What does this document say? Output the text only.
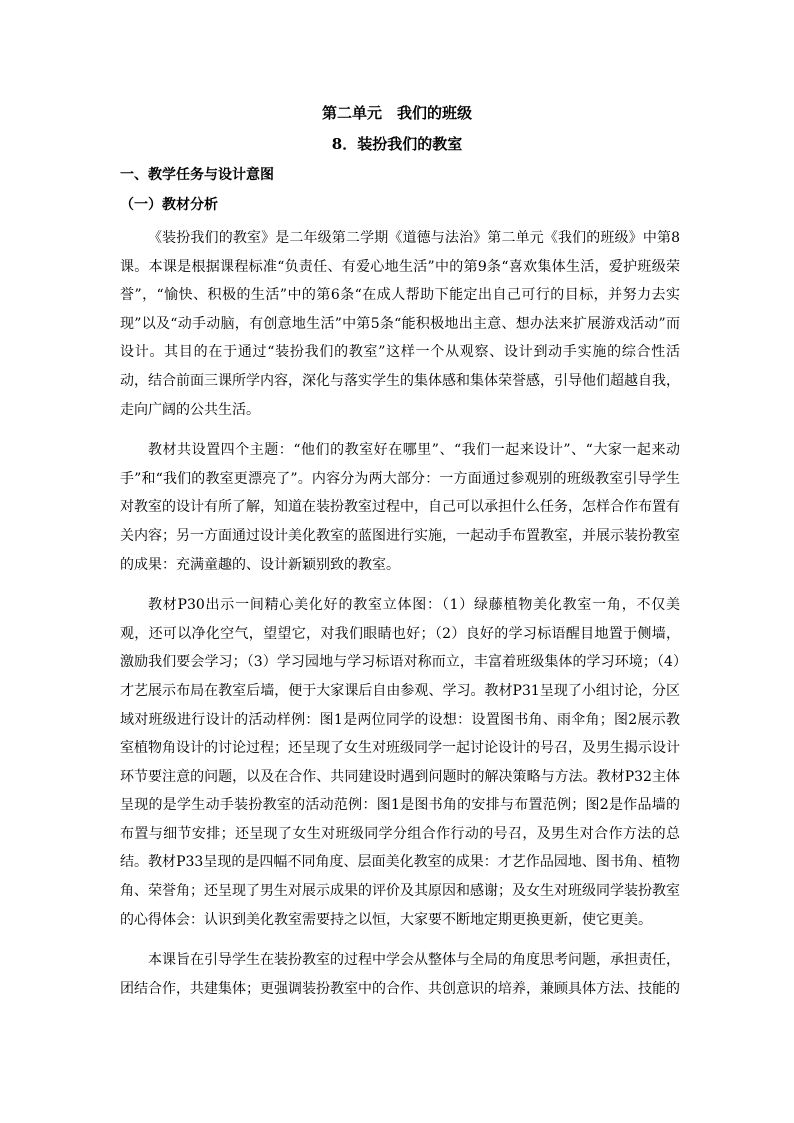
第二单元　我们的班级
8．装扮我们的教室
一、教学任务与设计意图
（一）教材分析

《装扮我们的教室》是二年级第二学期《道德与法治》第二单元《我们的班级》中第8课。本课是根据课程标准“负责任、有爱心地生活”中的第9条“喜欢集体生活，爱护班级荣誉”，“愉快、积极的生活”中的第6条“在成人帮助下能定出自己可行的目标，并努力去实现”以及“动手动脑，有创意地生活”中第5条“能积极地出主意、想办法来扩展游戏活动”而设计。其目的在于通过“装扮我们的教室”这样一个从观察、设计到动手实施的综合性活动，结合前面三课所学内容，深化与落实学生的集体感和集体荣誉感，引导他们超越自我，走向广阔的公共生活。

教材共设置四个主题：“他们的教室好在哪里”、“我们一起来设计”、“大家一起来动手”和“我们的教室更漂亮了”。内容分为两大部分：一方面通过参观别的班级教室引导学生对教室的设计有所了解，知道在装扮教室过程中，自己可以承担什么任务，怎样合作布置有关内容；另一方面通过设计美化教室的蓝图进行实施，一起动手布置教室，并展示装扮教室的成果：充满童趣的、设计新颖别致的教室。

教材P30出示一间精心美化好的教室立体图：（1）绿藤植物美化教室一角，不仅美观，还可以净化空气，望望它，对我们眼睛也好；（2）良好的学习标语醒目地置于侧墙，激励我们要会学习；（3）学习园地与学习标语对称而立，丰富着班级集体的学习环境；（4）才艺展示布局在教室后墙，便于大家课后自由参观、学习。教材P31呈现了小组讨论，分区域对班级进行设计的活动样例：图1是两位同学的设想：设置图书角、雨伞角；图2展示教室植物角设计的讨论过程；还呈现了女生对班级同学一起讨论设计的号召，及男生揭示设计环节要注意的问题，以及在合作、共同建设时遇到问题时的解决策略与方法。教材P32主体呈现的是学生动手装扮教室的活动范例：图1是图书角的安排与布置范例；图2是作品墙的布置与细节安排；还呈现了女生对班级同学分组合作行动的号召，及男生对合作方法的总结。教材P33呈现的是四幅不同角度、层面美化教室的成果：才艺作品园地、图书角、植物角、荣誉角；还呈现了男生对展示成果的评价及其原因和感谢；及女生对班级同学装扮教室的心得体会：认识到美化教室需要持之以恒，大家要不断地定期更换更新，使它更美。

本课旨在引导学生在装扮教室的过程中学会从整体与全局的角度思考问题，承担责任，团结合作，共建集体；更强调装扮教室中的合作、共创意识的培养，兼顾具体方法、技能的
